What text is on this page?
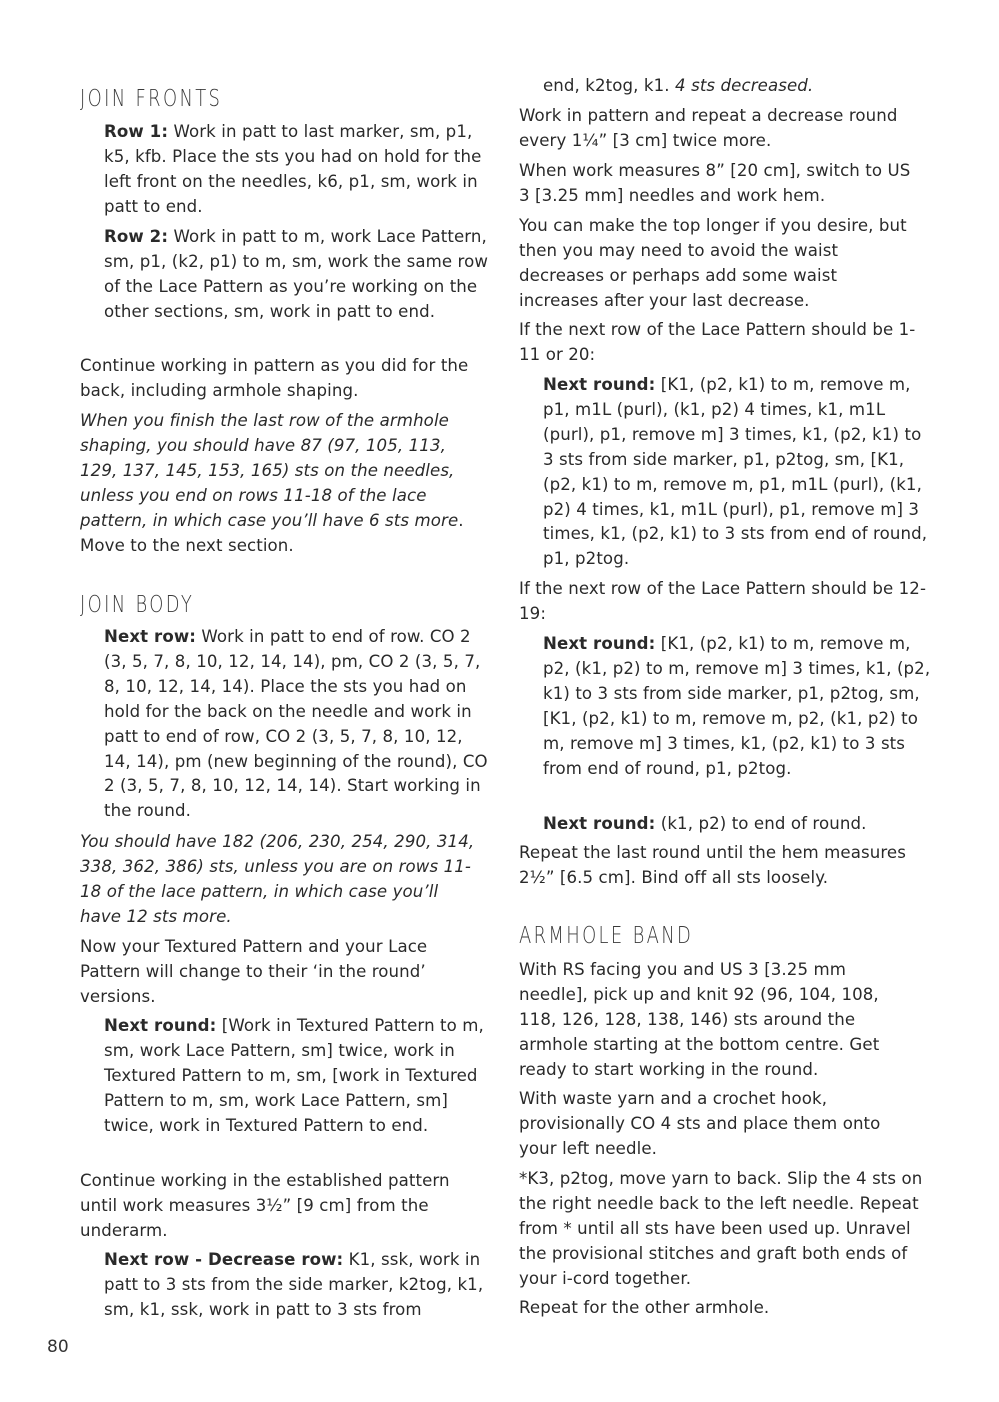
JOIN FRONTS

Row 1: Work in patt to last marker, sm, p1, k5, kfb. Place the sts you had on hold for the left front on the needles, k6, p1, sm, work in patt to end.

Row 2: Work in patt to m, work Lace Pattern, sm, p1, (k2, p1) to m, sm, work the same row of the Lace Pattern as you’re working on the other sections, sm, work in patt to end.

Continue working in pattern as you did for the back, including armhole shaping.

When you finish the last row of the armhole shaping, you should have 87 (97, 105, 113, 129, 137, 145, 153, 165) sts on the needles, unless you end on rows 11-18 of the lace pattern, in which case you’ll have 6 sts more. Move to the next section.

JOIN BODY

Next row: Work in patt to end of row. CO 2 (3, 5, 7, 8, 10, 12, 14, 14), pm, CO 2 (3, 5, 7, 8, 10, 12, 14, 14). Place the sts you had on hold for the back on the needle and work in patt to end of row, CO 2 (3, 5, 7, 8, 10, 12, 14, 14), pm (new beginning of the round), CO 2 (3, 5, 7, 8, 10, 12, 14, 14). Start working in the round.

You should have 182 (206, 230, 254, 290, 314, 338, 362, 386) sts, unless you are on rows 11-18 of the lace pattern, in which case you’ll have 12 sts more.

Now your Textured Pattern and your Lace Pattern will change to their ‘in the round’ versions.

Next round: [Work in Textured Pattern to m, sm, work Lace Pattern, sm] twice, work in Textured Pattern to m, sm, [work in Textured Pattern to m, sm, work Lace Pattern, sm] twice, work in Textured Pattern to end.

Continue working in the established pattern until work measures 3½” [9 cm] from the underarm.

Next row - Decrease row: K1, ssk, work in patt to 3 sts from the side marker, k2tog, k1, sm, k1, ssk, work in patt to 3 sts from

end, k2tog, k1. 4 sts decreased.

Work in pattern and repeat a decrease round every 1¼” [3 cm] twice more.

When work measures 8” [20 cm], switch to US 3 [3.25 mm] needles and work hem.

You can make the top longer if you desire, but then you may need to avoid the waist decreases or perhaps add some waist increases after your last decrease.

If the next row of the Lace Pattern should be 1-11 or 20:

Next round: [K1, (p2, k1) to m, remove m, p1, m1L (purl), (k1, p2) 4 times, k1, m1L (purl), p1, remove m] 3 times, k1, (p2, k1) to 3 sts from side marker, p1, p2tog, sm, [K1, (p2, k1) to m, remove m, p1, m1L (purl), (k1, p2) 4 times, k1, m1L (purl), p1, remove m] 3 times, k1, (p2, k1) to 3 sts from end of round, p1, p2tog.

If the next row of the Lace Pattern should be 12-19:

Next round: [K1, (p2, k1) to m, remove m, p2, (k1, p2) to m, remove m] 3 times, k1, (p2, k1) to 3 sts from side marker, p1, p2tog, sm, [K1, (p2, k1) to m, remove m, p2, (k1, p2) to m, remove m] 3 times, k1, (p2, k1) to 3 sts from end of round, p1, p2tog.

Next round: (k1, p2) to end of round.

Repeat the last round until the hem measures 2½” [6.5 cm]. Bind off all sts loosely.

ARMHOLE BAND

With RS facing you and US 3 [3.25 mm needle], pick up and knit 92 (96, 104, 108, 118, 126, 128, 138, 146) sts around the armhole starting at the bottom centre. Get ready to start working in the round.

With waste yarn and a crochet hook, provisionally CO 4 sts and place them onto your left needle.

*K3, p2tog, move yarn to back. Slip the 4 sts on the right needle back to the left needle. Repeat from * until all sts have been used up. Unravel the provisional stitches and graft both ends of your i-cord together.

Repeat for the other armhole.

80
